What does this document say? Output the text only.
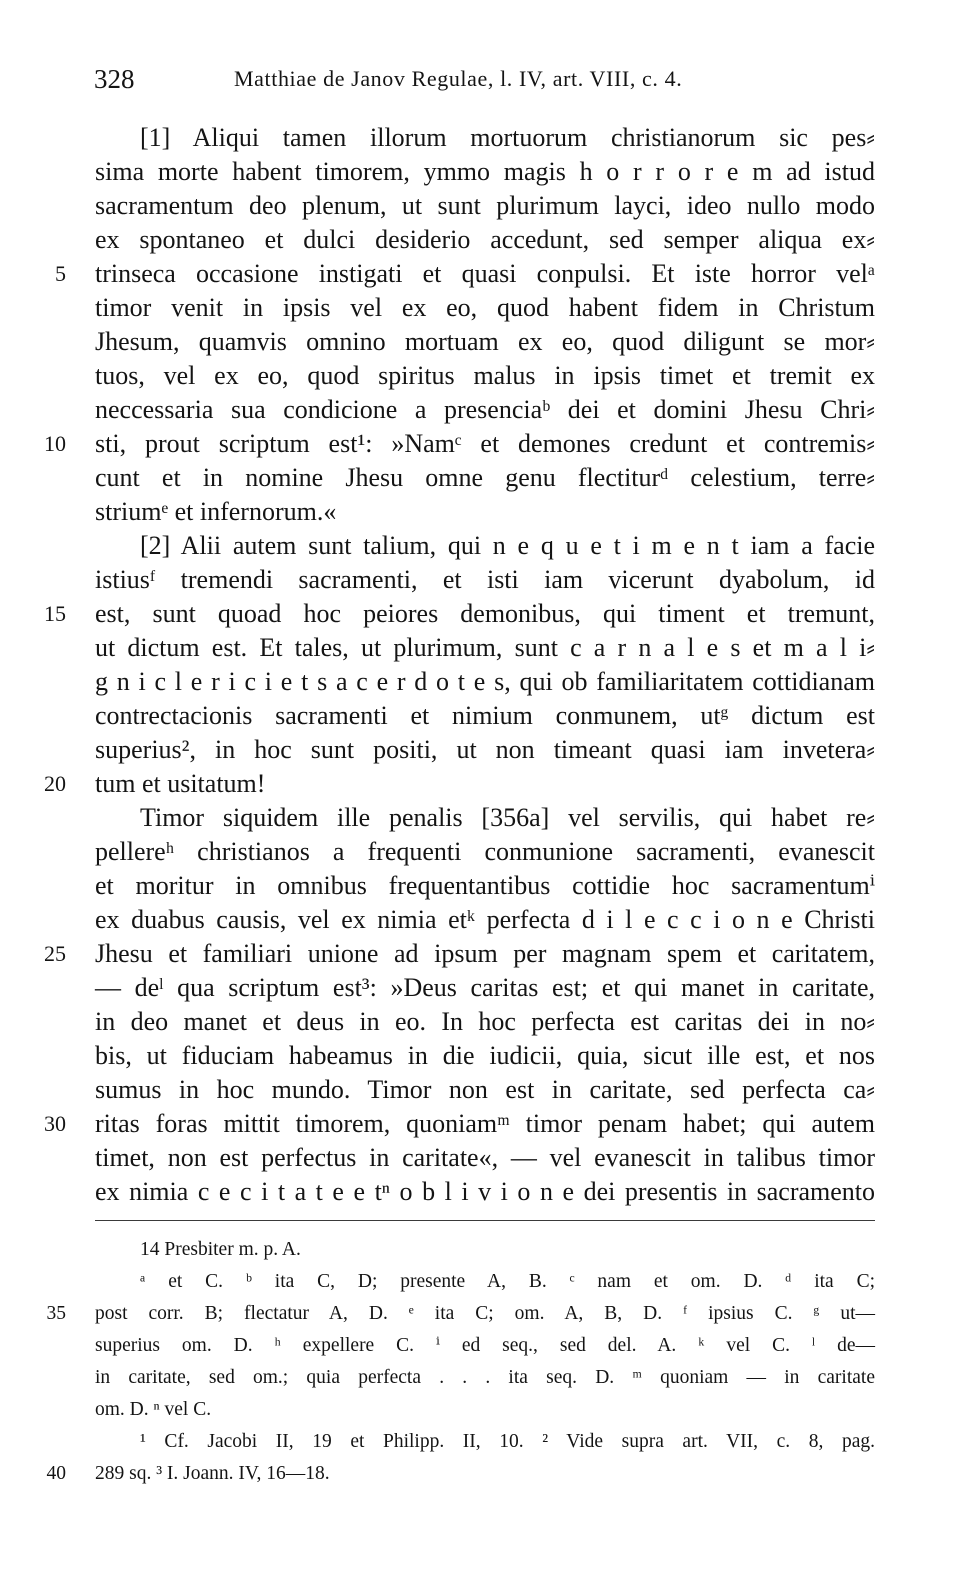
328	Matthiae de Janov Regulae, l. IV, art. VIII, c. 4.
[1] Aliqui tamen illorum mortuorum christianorum sic pes⸗
sima morte habent timorem, ymmo magis h o r r o r e m ad istud
sacramentum deo plenum, ut sunt plurimum layci, ideo nullo modo
ex spontaneo et dulci desiderio accedunt, sed semper aliqua ex⸗
5 trinseca occasione instigati et quasi conpulsi. Et iste horror velᵃ
timor venit in ipsis vel ex eo, quod habent fidem in Christum
Jhesum, quamvis omnino mortuam ex eo, quod diligunt se mor⸗
tuos, vel ex eo, quod spiritus malus in ipsis timet et tremit ex
neccessaria sua condicione a presenciaᵇ dei et domini Jhesu Chri⸗
10 sti, prout scriptum est¹: »Namᶜ et demones credunt et contremis⸗
cunt et in nomine Jhesu omne genu flectiturᵈ celestium, terre⸗
striumᵉ et infernorum.«
[2] Alii autem sunt talium, qui n e q u e t i m e n t iam a facie
istiusᶠ tremendi sacramenti, et isti iam vicerunt dyabolum, id
15 est, sunt quoad hoc peiores demonibus, qui timent et tremunt,
ut dictum est. Et tales, ut plurimum, sunt c a r n a l e s et m a l i⸗
g n i c l e r i c i e t s a c e r d o t e s, qui ob familiaritatem cottidianam
contrectacionis sacramenti et nimium conmunem, utᵍ dictum est
superius², in hoc sunt positi, ut non timeant quasi iam invetera⸗
20 tum et usitatum!
Timor siquidem ille penalis [356a] vel servilis, qui habet re⸗
pellereʰ christianos a frequenti conmunione sacramenti, evanescit
et moritur in omnibus frequentantibus cottidie hoc sacramentumⁱ
ex duabus causis, vel ex nimia etᵏ perfecta d i l e c c i o n e Christi
25 Jhesu et familiari unione ad ipsum per magnam spem et caritatem,
— deˡ qua scriptum est³: »Deus caritas est; et qui manet in caritate,
in deo manet et deus in eo. In hoc perfecta est caritas dei in no⸗
bis, ut fiduciam habeamus in die iudicii, quia, sicut ille est, et nos
sumus in hoc mundo. Timor non est in caritate, sed perfecta ca⸗
30 ritas foras mittit timorem, quoniamᵐ timor penam habet; qui autem
timet, non est perfectus in caritate«, — vel evanescit in talibus timor
ex nimia c e c i t a t e e tⁿ o b l i v i o n e dei presentis in sacramento
14 Presbiter m. p. A.
ᵃ et C. ᵇ ita C, D; presente A, B. ᶜ nam et om. D. ᵈ ita C;
35 post corr. B; flectatur A, D. ᵉ ita C; om. A, B, D. ᶠ ipsius C. ᵍ ut—
superius om. D. ʰ expellere C. ⁱ ed seq., sed del. A. ᵏ vel C. ˡ de—
in caritate, sed om.; quia perfecta . . . ita seq. D. ᵐ quoniam — in caritate
om. D. ⁿ vel C.
¹ Cf. Jacobi II, 19 et Philipp. II, 10. ² Vide supra art. VII, c. 8, pag.
40 289 sq. ³ I. Joann. IV, 16—18.
